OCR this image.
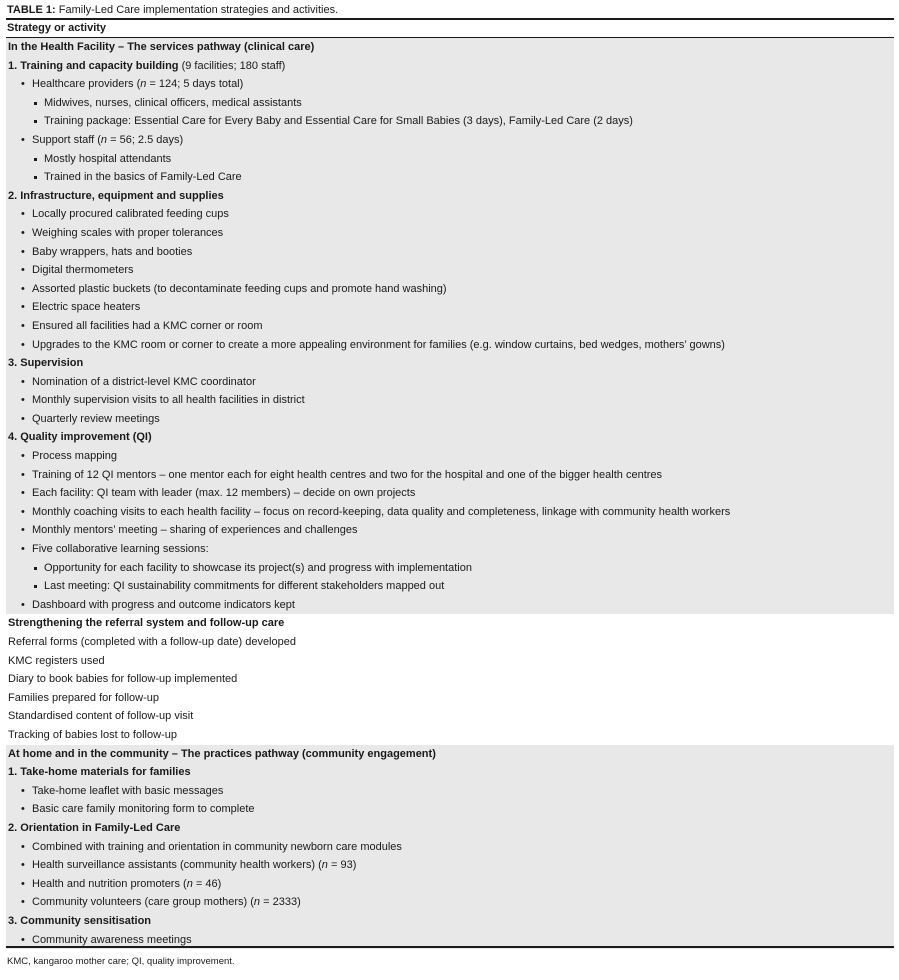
TABLE 1: Family-Led Care implementation strategies and activities.
Strategy or activity
In the Health Facility – The services pathway (clinical care)
1. Training and capacity building (9 facilities; 180 staff)
• Healthcare providers (n = 124; 5 days total)
Midwives, nurses, clinical officers, medical assistants
Training package: Essential Care for Every Baby and Essential Care for Small Babies (3 days), Family-Led Care (2 days)
• Support staff (n = 56; 2.5 days)
Mostly hospital attendants
Trained in the basics of Family-Led Care
2. Infrastructure, equipment and supplies
• Locally procured calibrated feeding cups
• Weighing scales with proper tolerances
• Baby wrappers, hats and booties
• Digital thermometers
• Assorted plastic buckets (to decontaminate feeding cups and promote hand washing)
• Electric space heaters
• Ensured all facilities had a KMC corner or room
• Upgrades to the KMC room or corner to create a more appealing environment for families (e.g. window curtains, bed wedges, mothers’ gowns)
3. Supervision
• Nomination of a district-level KMC coordinator
• Monthly supervision visits to all health facilities in district
• Quarterly review meetings
4. Quality improvement (QI)
• Process mapping
• Training of 12 QI mentors – one mentor each for eight health centres and two for the hospital and one of the bigger health centres
• Each facility: QI team with leader (max. 12 members) – decide on own projects
• Monthly coaching visits to each health facility – focus on record-keeping, data quality and completeness, linkage with community health workers
• Monthly mentors’ meeting – sharing of experiences and challenges
• Five collaborative learning sessions:
Opportunity for each facility to showcase its project(s) and progress with implementation
Last meeting: QI sustainability commitments for different stakeholders mapped out
• Dashboard with progress and outcome indicators kept
Strengthening the referral system and follow-up care
Referral forms (completed with a follow-up date) developed
KMC registers used
Diary to book babies for follow-up implemented
Families prepared for follow-up
Standardised content of follow-up visit
Tracking of babies lost to follow-up
At home and in the community – The practices pathway (community engagement)
1. Take-home materials for families
• Take-home leaflet with basic messages
• Basic care family monitoring form to complete
2. Orientation in Family-Led Care
• Combined with training and orientation in community newborn care modules
• Health surveillance assistants (community health workers) (n = 93)
• Health and nutrition promoters (n = 46)
• Community volunteers (care group mothers) (n = 2333)
3. Community sensitisation
• Community awareness meetings
KMC, kangaroo mother care; QI, quality improvement.
